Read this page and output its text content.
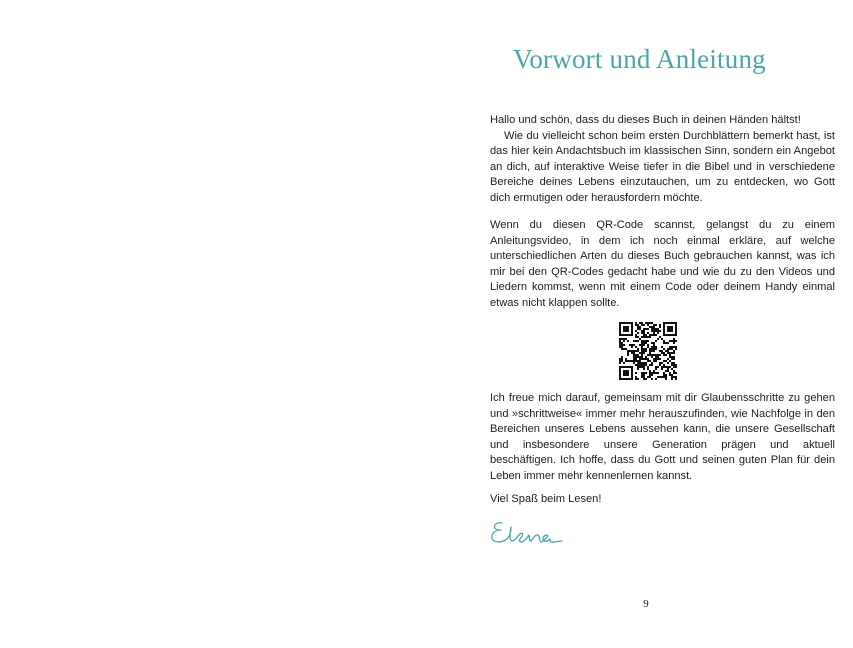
Vorwort und Anleitung

Hallo und schön, dass du dieses Buch in deinen Händen hältst!

Wie du vielleicht schon beim ersten Durchblättern bemerkt hast, ist das hier kein Andachtsbuch im klassischen Sinn, sondern ein Angebot an dich, auf interaktive Weise tiefer in die Bibel und in verschiedene Bereiche deines Lebens einzutauchen, um zu entdecken, wo Gott dich ermutigen oder herausfordern möchte.

Wenn du diesen QR-Code scannst, gelangst du zu einem Anleitungsvideo, in dem ich noch einmal erkläre, auf welche unterschiedlichen Arten du dieses Buch gebrauchen kannst, was ich mir bei den QR-Codes gedacht habe und wie du zu den Videos und Liedern kommst, wenn mit einem Code oder deinem Handy einmal etwas nicht klappen sollte.

Ich freue mich darauf, gemeinsam mit dir Glaubensschritte zu gehen und »schrittweise« immer mehr herauszufinden, wie Nachfolge in den Bereichen unseres Lebens aussehen kann, die unsere Gesellschaft und insbesondere unsere Generation prägen und aktuell beschäftigen. Ich hoffe, dass du Gott und seinen guten Plan für dein Leben immer mehr kennenlernen kannst.

Viel Spaß beim Lesen!
9
